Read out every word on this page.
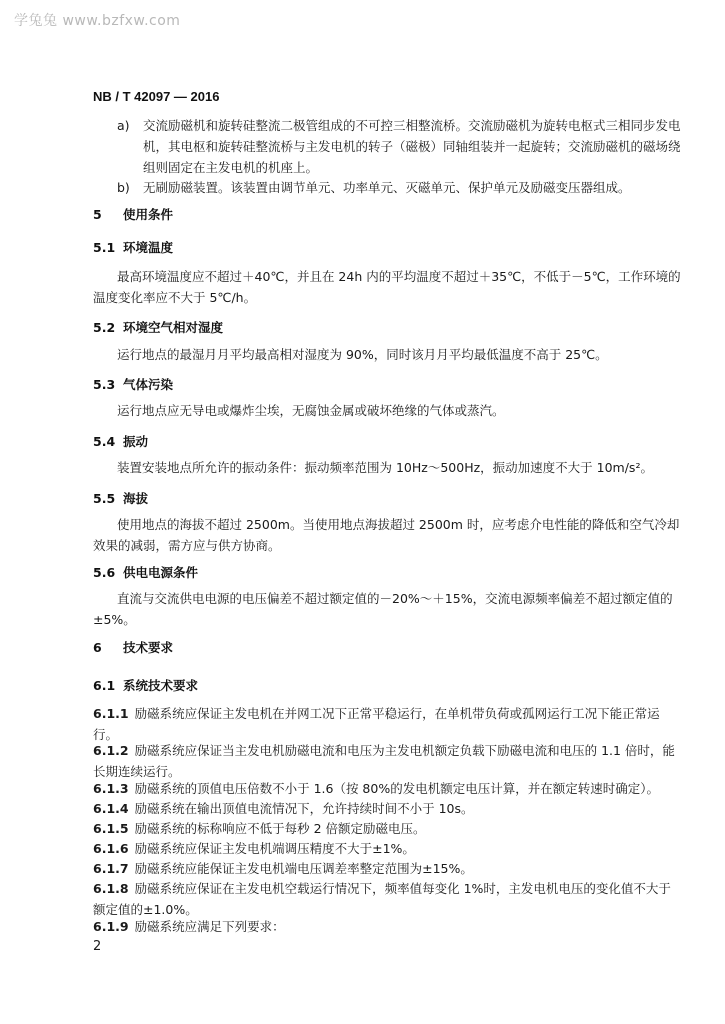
学兔兔 www.bzfxw.com
NB / T 42097 — 2016
a)	交流励磁机和旋转硅整流二极管组成的不可控三相整流桥。交流励磁机为旋转电枢式三相同步发电机，其电枢和旋转硅整流桥与主发电机的转子（磁极）同轴组装并一起旋转；交流励磁机的磁场绕组则固定在主发电机的机座上。
b)	无刷励磁装置。该装置由调节单元、功率单元、灭磁单元、保护单元及励磁变压器组成。
5 使用条件
5.1 环境温度
最高环境温度应不超过＋40℃，并且在 24h 内的平均温度不超过＋35℃，不低于－5℃，工作环境的温度变化率应不大于 5℃/h。
5.2 环境空气相对湿度
运行地点的最湿月月平均最高相对湿度为 90%，同时该月月平均最低温度不高于 25℃。
5.3 气体污染
运行地点应无导电或爆炸尘埃，无腐蚀金属或破坏绝缘的气体或蒸汽。
5.4 振动
装置安装地点所允许的振动条件：振动频率范围为 10Hz～500Hz，振动加速度不大于 10m/s²。
5.5 海拔
使用地点的海拔不超过 2500m。当使用地点海拔超过 2500m 时，应考虑介电性能的降低和空气冷却效果的减弱，需方应与供方协商。
5.6 供电电源条件
直流与交流供电电源的电压偏差不超过额定值的－20%～＋15%，交流电源频率偏差不超过额定值的±5%。
6 技术要求
6.1 系统技术要求
6.1.1 励磁系统应保证主发电机在并网工况下正常平稳运行，在单机带负荷或孤网运行工况下能正常运行。
6.1.2 励磁系统应保证当主发电机励磁电流和电压为主发电机额定负载下励磁电流和电压的 1.1 倍时，能长期连续运行。
6.1.3 励磁系统的顶值电压倍数不小于 1.6（按 80%的发电机额定电压计算，并在额定转速时确定）。
6.1.4 励磁系统在输出顶值电流情况下，允许持续时间不小于 10s。
6.1.5 励磁系统的标称响应不低于每秒 2 倍额定励磁电压。
6.1.6 励磁系统应保证主发电机端调压精度不大于±1%。
6.1.7 励磁系统应能保证主发电机端电压调差率整定范围为±15%。
6.1.8 励磁系统应保证在主发电机空载运行情况下，频率值每变化 1%时，主发电机电压的变化值不大于额定值的±1.0%。
6.1.9 励磁系统应满足下列要求：
2
